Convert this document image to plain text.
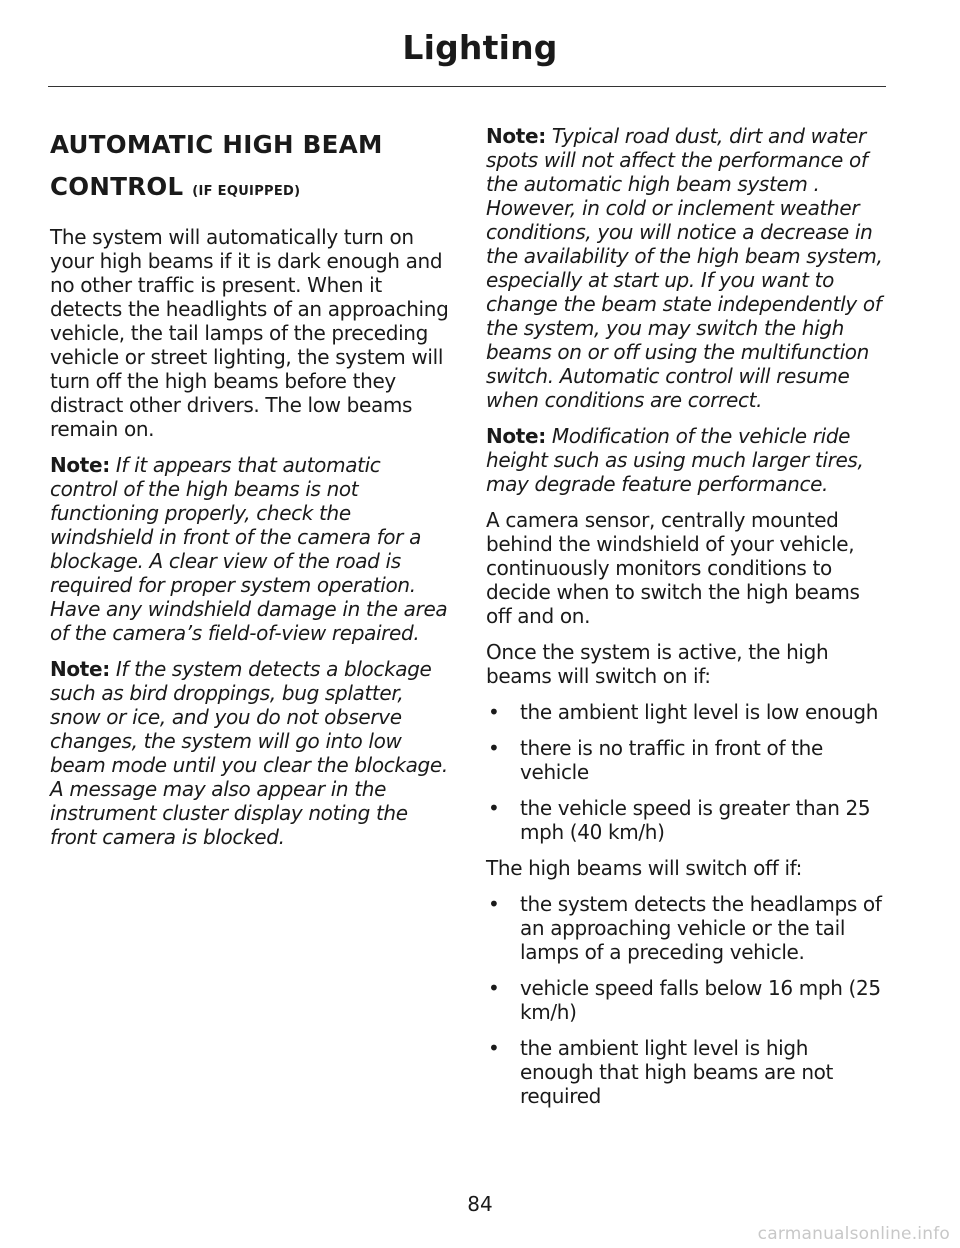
Lighting
AUTOMATIC HIGH BEAM
CONTROL (IF EQUIPPED)

The system will automatically turn on your high beams if it is dark enough and no other traffic is present. When it detects the headlights of an approaching vehicle, the tail lamps of the preceding vehicle or street lighting, the system will turn off the high beams before they distract other drivers. The low beams remain on.

Note: If it appears that automatic control of the high beams is not functioning properly, check the windshield in front of the camera for a blockage. A clear view of the road is required for proper system operation. Have any windshield damage in the area of the camera’s field-of-view repaired.

Note: If the system detects a blockage such as bird droppings, bug splatter, snow or ice, and you do not observe changes, the system will go into low beam mode until you clear the blockage. A message may also appear in the instrument cluster display noting the front camera is blocked.

Note: Typical road dust, dirt and water spots will not affect the performance of the automatic high beam system . However, in cold or inclement weather conditions, you will notice a decrease in the availability of the high beam system, especially at start up. If you want to change the beam state independently of the system, you may switch the high beams on or off using the multifunction switch. Automatic control will resume when conditions are correct.

Note: Modification of the vehicle ride height such as using much larger tires, may degrade feature performance.

A camera sensor, centrally mounted behind the windshield of your vehicle, continuously monitors conditions to decide when to switch the high beams off and on.

Once the system is active, the high beams will switch on if:

• the ambient light level is low enough
• there is no traffic in front of the vehicle
• the vehicle speed is greater than 25 mph (40 km/h)

The high beams will switch off if:

• the system detects the headlamps of an approaching vehicle or the tail lamps of a preceding vehicle.
• vehicle speed falls below 16 mph (25 km/h)
• the ambient light level is high enough that high beams are not required
84
carmanualsonline.info
